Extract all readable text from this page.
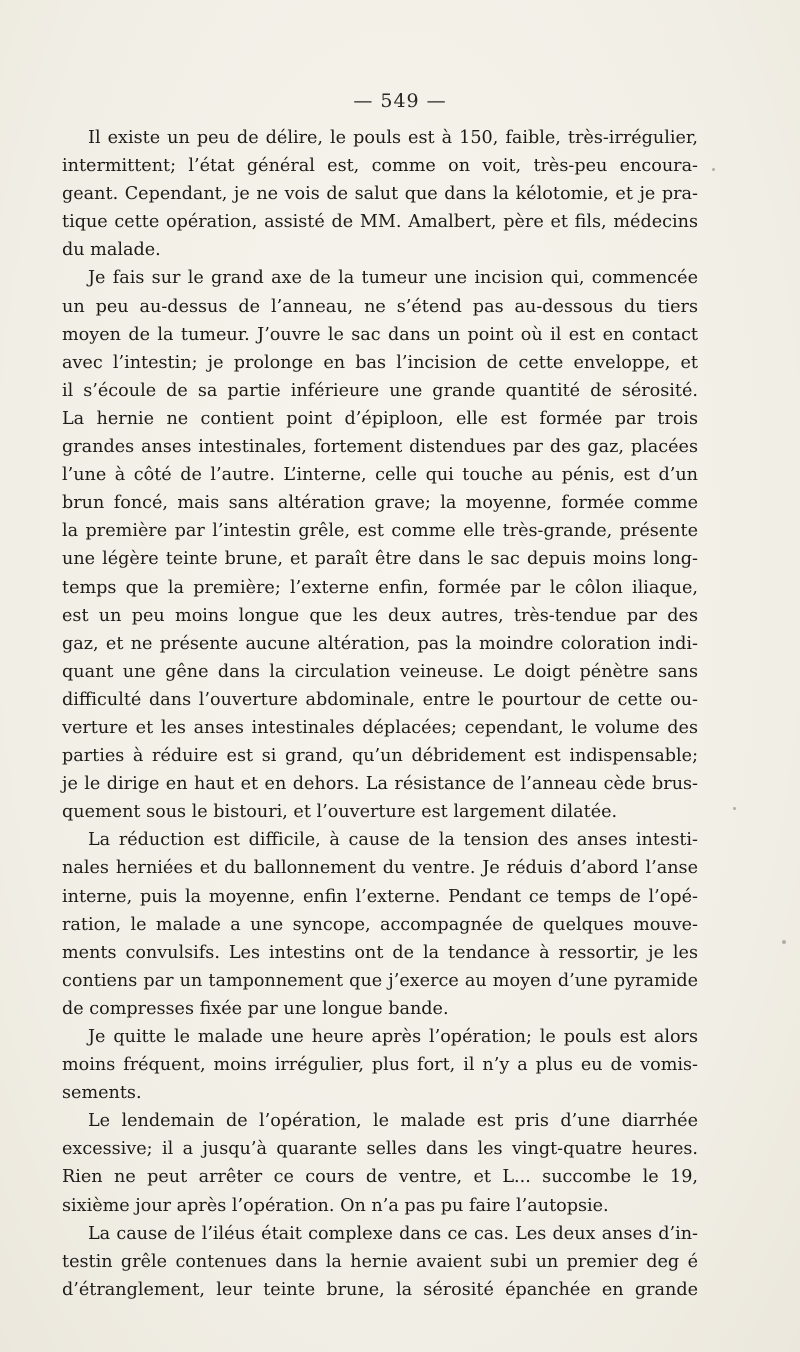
— 549 —
Il existe un peu de délire, le pouls est à 150, faible, très-irrégulier,
intermittent; l’état général est, comme on voit, très-peu encoura-
geant. Cependant, je ne vois de salut que dans la kélotomie, et je pra-
tique cette opération, assisté de MM. Amalbert, père et fils, médecins
du malade.
Je fais sur le grand axe de la tumeur une incision qui, commencée
un peu au-dessus de l’anneau, ne s’étend pas au-dessous du tiers
moyen de la tumeur. J’ouvre le sac dans un point où il est en contact
avec l’intestin; je prolonge en bas l’incision de cette enveloppe, et
il s’écoule de sa partie inférieure une grande quantité de sérosité.
La hernie ne contient point d’épiploon, elle est formée par trois
grandes anses intestinales, fortement distendues par des gaz, placées
l’une à côté de l’autre. L’interne, celle qui touche au pénis, est d’un
brun foncé, mais sans altération grave; la moyenne, formée comme
la première par l’intestin grêle, est comme elle très-grande, présente
une légère teinte brune, et paraît être dans le sac depuis moins long-
temps que la première; l’externe enfin, formée par le côlon iliaque,
est un peu moins longue que les deux autres, très-tendue par des
gaz, et ne présente aucune altération, pas la moindre coloration indi-
quant une gêne dans la circulation veineuse. Le doigt pénètre sans
difficulté dans l’ouverture abdominale, entre le pourtour de cette ou-
verture et les anses intestinales déplacées; cependant, le volume des
parties à réduire est si grand, qu’un débridement est indispensable;
je le dirige en haut et en dehors. La résistance de l’anneau cède brus-
quement sous le bistouri, et l’ouverture est largement dilatée.
La réduction est difficile, à cause de la tension des anses intesti-
nales herniées et du ballonnement du ventre. Je réduis d’abord l’anse
interne, puis la moyenne, enfin l’externe. Pendant ce temps de l’opé-
ration, le malade a une syncope, accompagnée de quelques mouve-
ments convulsifs. Les intestins ont de la tendance à ressortir, je les
contiens par un tamponnement que j’exerce au moyen d’une pyramide
de compresses fixée par une longue bande.
Je quitte le malade une heure après l’opération; le pouls est alors
moins fréquent, moins irrégulier, plus fort, il n’y a plus eu de vomis-
sements.
Le lendemain de l’opération, le malade est pris d’une diarrhée
excessive; il a jusqu’à quarante selles dans les vingt-quatre heures.
Rien ne peut arrêter ce cours de ventre, et L... succombe le 19,
sixième jour après l’opération. On n’a pas pu faire l’autopsie.
La cause de l’iléus était complexe dans ce cas. Les deux anses d’in-
testin grêle contenues dans la hernie avaient subi un premier deg é
d’étranglement, leur teinte brune, la sérosité épanchée en grande
